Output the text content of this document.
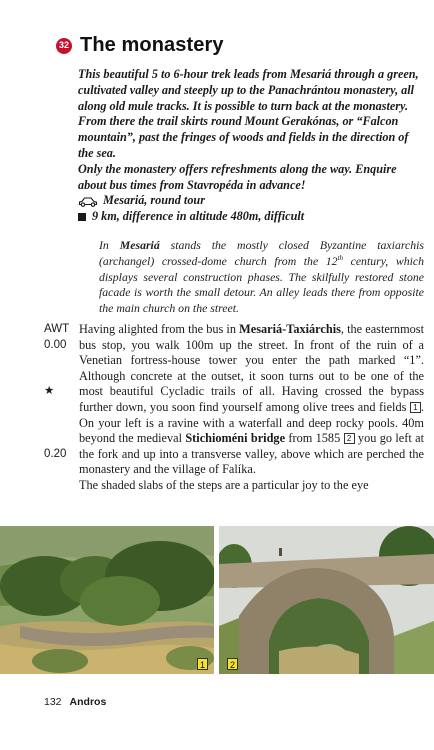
32 The monastery

This beautiful 5 to 6-hour trek leads from Mesariá through a green, cultivated valley and steeply up to the Panachrántou monastery, all along old mule tracks. It is possible to turn back at the monastery. From there the trail skirts round Mount Gerakónas, or “Falcon mountain”, past the fringes of woods and fields in the direction of the sea.

Only the monastery offers refreshments along the way. Enquire about bus times from Stavropéda in advance!

Mesariá, round tour
9 km, difference in altitude 480m, difficult
In Mesariá stands the mostly closed Byzantine taxiarchis (archangel) crossed-dome church from the 12th century, which displays several construction phases. The skilfully restored stone facade is worth the small detour. An alley leads there from opposite the main church on the street.
AWT
0.00
★
0.20
Having alighted from the bus in Mesariá-Taxiárchis, the easternmost bus stop, you walk 100m up the street. In front of the ruin of a Venetian fortress-house tower you enter the path marked “1”. Although concrete at the outset, it soon turns out to be one of the most beautiful Cycladic trails of all. Having crossed the bypass further down, you soon find yourself among olive trees and fields 1 . On your left is a ravine with a waterfall and deep rocky pools. 40m beyond the medieval Stichioméni bridge from 1585 2 you go left at the fork and up into a transverse valley, above which are perched the monastery and the village of Falíka.
The shaded slabs of the steps are a particular joy to the eye
1	2
132 Andros
